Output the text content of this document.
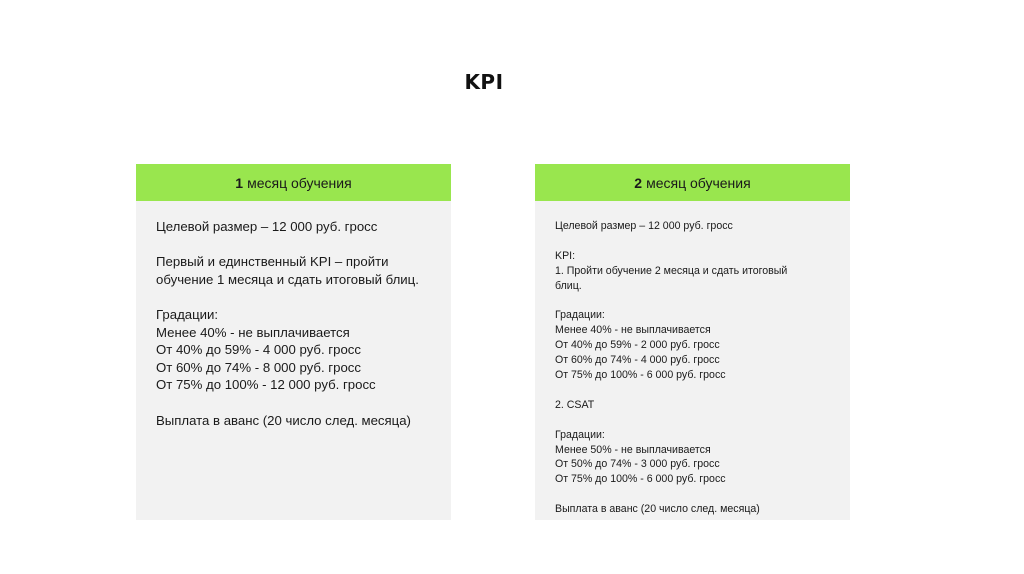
KPI
1 месяц обучения
Целевой размер – 12 000 руб. гросс
Первый и единственный KPI – пройти
обучение 1 месяца и сдать итоговый блиц.
Градации:
Менее 40% - не выплачивается
От 40% до 59% - 4 000 руб. гросс
От 60% до 74% - 8 000 руб. гросс
От 75% до 100% - 12 000 руб. гросс
Выплата в аванс (20 число след. месяца)
2 месяц обучения
Целевой размер – 12 000 руб. гросс
KPI:
1. Пройти обучение 2 месяца и сдать итоговый
блиц.
Градации:
Менее 40% - не выплачивается
От 40% до 59% - 2 000 руб. гросс
От 60% до 74% - 4 000 руб. гросс
От 75% до 100% - 6 000 руб. гросс
2. CSAT
Градации:
Менее 50% - не выплачивается
От 50% до 74% - 3 000 руб. гросс
От 75% до 100% - 6 000 руб. гросс
Выплата в аванс (20 число след. месяца)
